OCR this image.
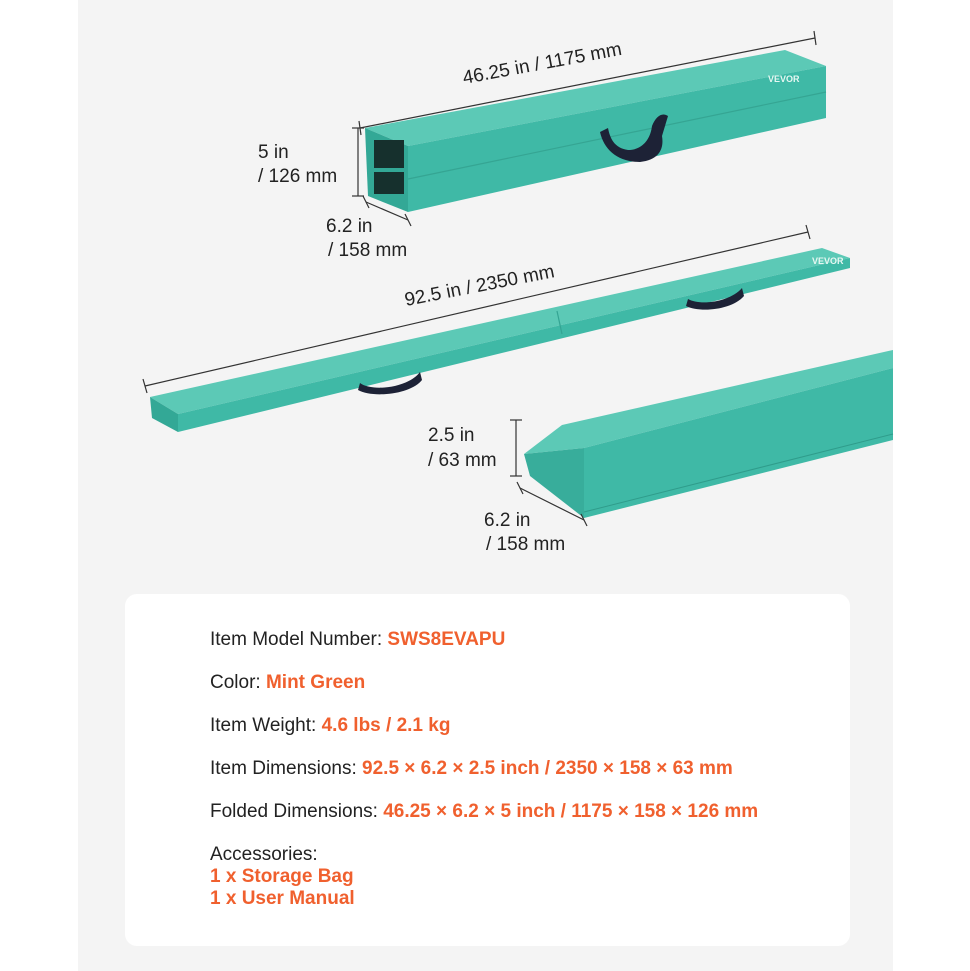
VEVOR
46.25 in / 1175 mm
5 in
/ 126 mm
6.2 in
/ 158 mm	VEVOR
92.5 in / 2350 mm
2.5 in
/ 63 mm
6.2 in
/ 158 mm
Item Model Number: SWS8EVAPU
Color: Mint Green
Item Weight: 4.6 lbs / 2.1 kg
Item Dimensions: 92.5 × 6.2 × 2.5 inch / 2350 × 158 × 63 mm
Folded Dimensions: 46.25 × 6.2 × 5 inch / 1175 × 158 × 126 mm
Accessories:
1 x Storage Bag
1 x User Manual
